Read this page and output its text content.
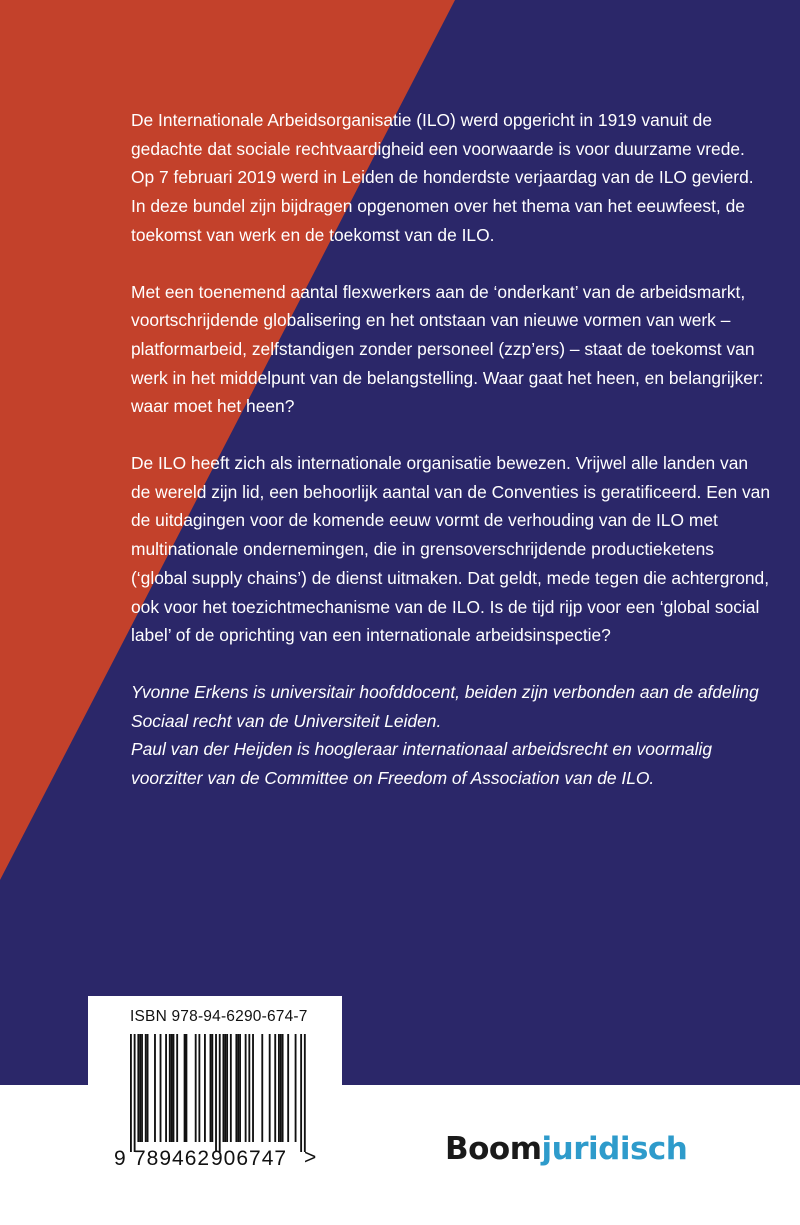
De Internationale Arbeidsorganisatie (ILO) werd opgericht in 1919 vanuit de gedachte dat sociale rechtvaardigheid een voorwaarde is voor duurzame vrede. Op 7 februari 2019 werd in Leiden de honderdste verjaardag van de ILO gevierd. In deze bundel zijn bijdragen opgenomen over het thema van het eeuwfeest, de toekomst van werk en de toekomst van de ILO.

Met een toenemend aantal flexwerkers aan de ‘onderkant’ van de arbeidsmarkt, voortschrijdende globalisering en het ontstaan van nieuwe vormen van werk – platformarbeid, zelfstandigen zonder personeel (zzp’ers) – staat de toekomst van werk in het middelpunt van de belangstelling. Waar gaat het heen, en belangrijker: waar moet het heen?

De ILO heeft zich als internationale organisatie bewezen. Vrijwel alle landen van de wereld zijn lid, een behoorlijk aantal van de Conventies is geratificeerd. Een van de uitdagingen voor de komende eeuw vormt de verhouding van de ILO met multinationale ondernemingen, die in grensoverschrijdende productieketens (‘global supply chains’) de dienst uitmaken. Dat geldt, mede tegen die achtergrond, ook voor het toezichtmechanisme van de ILO. Is de tijd rijp voor een ‘global social label’ of de oprichting van een internationale arbeidsinspectie?

Yvonne Erkens is universitair hoofddocent, beiden zijn verbonden aan de afdeling Sociaal recht van de Universiteit Leiden.
Paul van der Heijden is hoogleraar internationaal arbeidsrecht en voormalig voorzitter van de Committee on Freedom of Association van de ILO.

ISBN 978-94-6290-674-7
9 789462 906747 >	Boomjuridisch
